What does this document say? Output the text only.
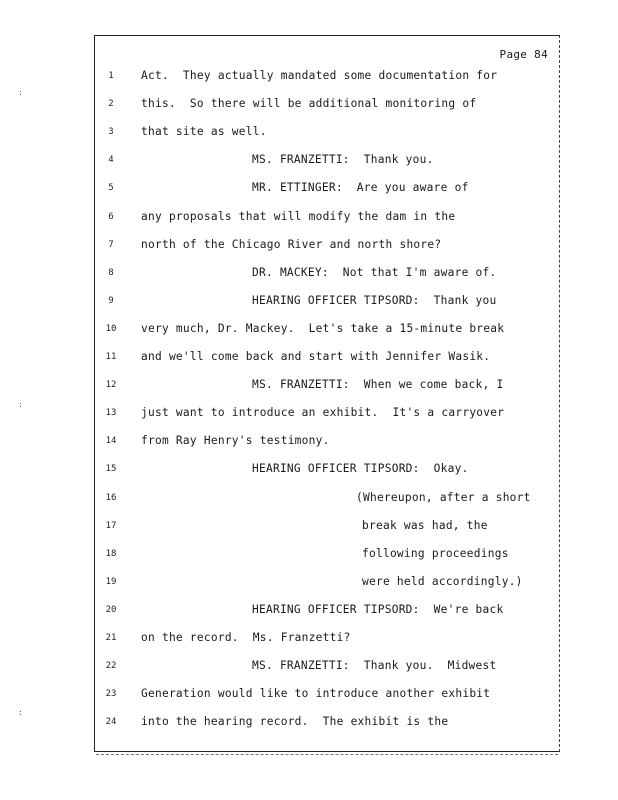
Page 84
:
:
:
1	Act.  They actually mandated some documentation for
2	this.  So there will be additional monitoring of
3	that site as well.
4	MS. FRANZETTI:  Thank you.
5	MR. ETTINGER:  Are you aware of
6	any proposals that will modify the dam in the
7	north of the Chicago River and north shore?
8	DR. MACKEY:  Not that I'm aware of.
9	HEARING OFFICER TIPSORD:  Thank you
10	very much, Dr. Mackey.  Let's take a 15-minute break
11	and we'll come back and start with Jennifer Wasik.
12	MS. FRANZETTI:  When we come back, I
13	just want to introduce an exhibit.  It's a carryover
14	from Ray Henry's testimony.
15	HEARING OFFICER TIPSORD:  Okay.
16	(Whereupon, after a short
17	break was had, the
18	following proceedings
19	were held accordingly.)
20	HEARING OFFICER TIPSORD:  We're back
21	on the record.  Ms. Franzetti?
22	MS. FRANZETTI:  Thank you.  Midwest
23	Generation would like to introduce another exhibit
24	into the hearing record.  The exhibit is the
